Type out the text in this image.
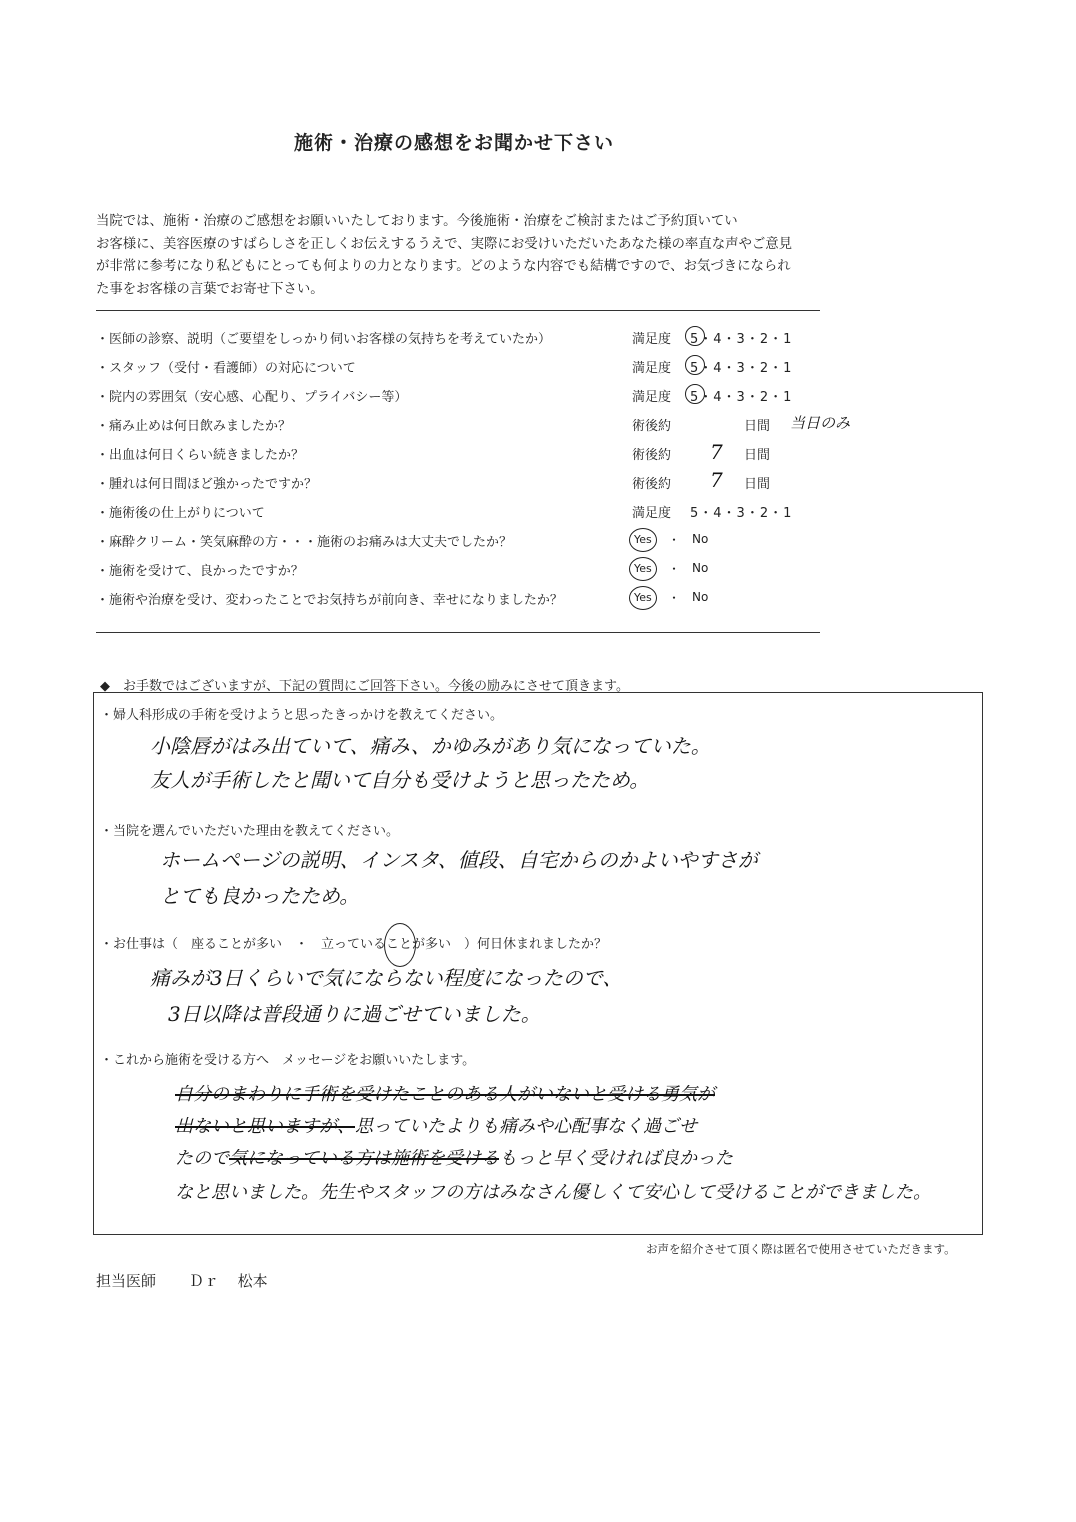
施術・治療の感想をお聞かせ下さい
当院では、施術・治療のご感想をお願いいたしております。今後施術・治療をご検討またはご予約頂いてい
お客様に、美容医療のすばらしさを正しくお伝えするうえで、実際にお受けいただいたあなた様の率直な声やご意見
が非常に参考になり私どもにとっても何よりの力となります。どのような内容でも結構ですので、お気づきになられ
た事をお客様の言葉でお寄せ下さい。
・医師の診察、説明（ご要望をしっかり伺いお客様の気持ちを考えていたか）	満足度 5・4・3・2・1
・スタッフ（受付・看護師）の対応について	満足度 5・4・3・2・1
・院内の雰囲気（安心感、心配り、プライバシー等）	満足度 5・4・3・2・1
・痛み止めは何日飲みましたか？	術後約	日間 当日のみ
・出血は何日くらい続きましたか？	術後約 7 日間
・腫れは何日間ほど強かったですか？	術後約 7 日間
・施術後の仕上がりについて	満足度 5・4・3・2・1
・麻酔クリーム・笑気麻酔の方・・・施術のお痛みは大丈夫でしたか？	Yes ・ No
・施術を受けて、良かったですか？	Yes ・ No
・施術や治療を受け、変わったことでお気持ちが前向き、幸せになりましたか？	Yes ・ No
◆　お手数ではございますが、下記の質問にご回答下さい。今後の励みにさせて頂きます。
・婦人科形成の手術を受けようと思ったきっかけを教えてください。
小陰唇がはみ出ていて、痛み、かゆみがあり気になっていた。
友人が手術したと聞いて自分も受けようと思ったため。
・当院を選んでいただいた理由を教えてください。
ホームページの説明、インスタ、値段、自宅からのかよいやすさが
とても良かったため。
・お仕事は（　座ることが多い　・　立っていること
が多い　）何日休まれましたか？
痛みが3日くらいで気にならない程度になったので、
3日以降は普段通りに過ごせていました。
・これから施術を受ける方へ　メッセージをお願いいたします。
自分のまわりに手術を受けたことのある人がいないと受ける勇気が
出ないと思いますが、思っていたよりも痛みや心配事なく過ごせ
たので気になっている方は施術を受けるもっと早く受ければ良かった
なと思いました。先生やスタッフの方はみなさん優しくて安心して受けることができました。
お声を紹介させて頂く際は匿名で使用させていただきます。
担当医師 Ｄｒ 松本
